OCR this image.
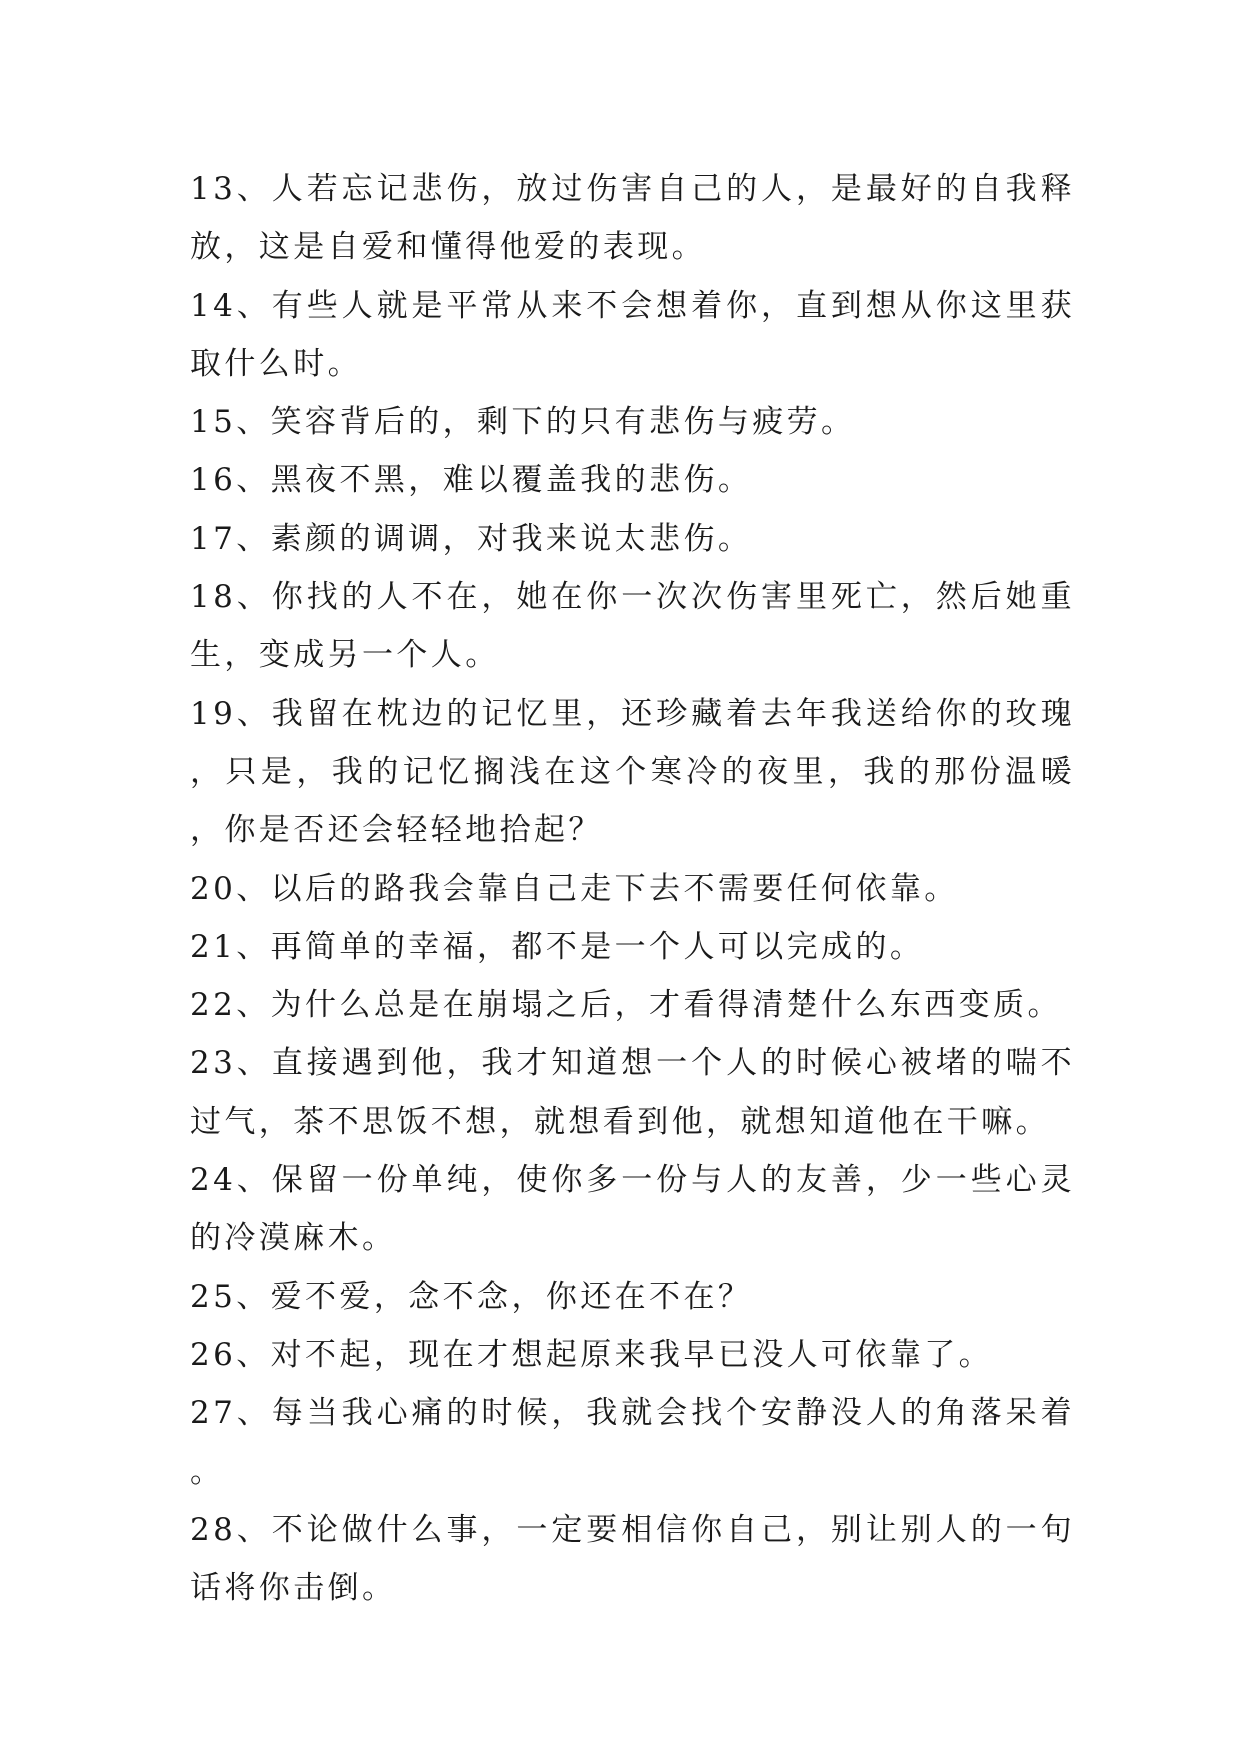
13、人若忘记悲伤，放过伤害自己的人，是最好的自我释放，这是自爱和懂得他爱的表现。

14、有些人就是平常从来不会想着你，直到想从你这里获取什么时。

15、笑容背后的，剩下的只有悲伤与疲劳。

16、黑夜不黑，难以覆盖我的悲伤。

17、素颜的调调，对我来说太悲伤。

18、你找的人不在，她在你一次次伤害里死亡，然后她重生，变成另一个人。

19、我留在枕边的记忆里，还珍藏着去年我送给你的玫瑰，只是，我的记忆搁浅在这个寒冷的夜里，我的那份温暖，你是否还会轻轻地拾起？

20、以后的路我会靠自己走下去不需要任何依靠。

21、再简单的幸福，都不是一个人可以完成的。

22、为什么总是在崩塌之后，才看得清楚什么东西变质。

23、直接遇到他，我才知道想一个人的时候心被堵的喘不过气，茶不思饭不想，就想看到他，就想知道他在干嘛。

24、保留一份单纯，使你多一份与人的友善，少一些心灵的冷漠麻木。

25、爱不爱，念不念，你还在不在？

26、对不起，现在才想起原来我早已没人可依靠了。

27、每当我心痛的时候，我就会找个安静没人的角落呆着。

28、不论做什么事，一定要相信你自己，别让别人的一句话将你击倒。
